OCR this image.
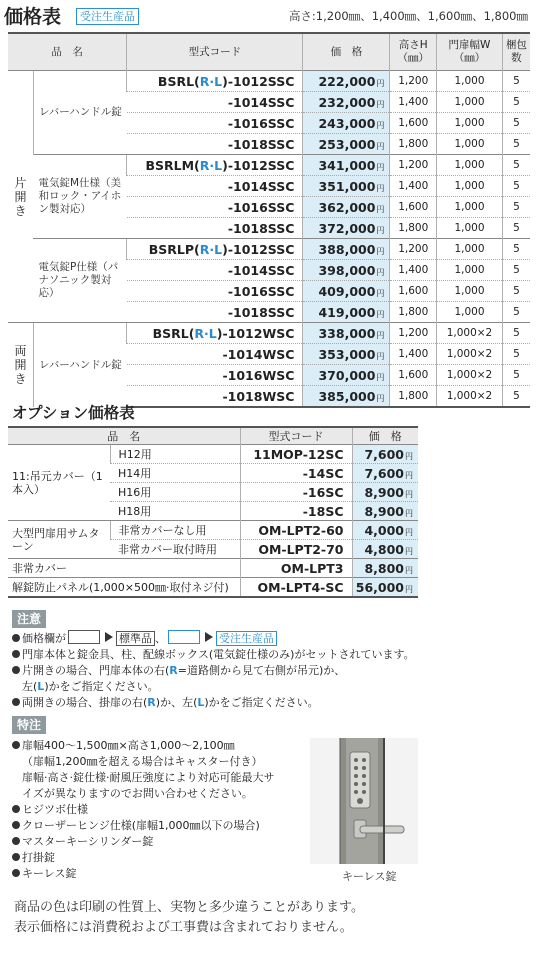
価格表	受注生産品	高さ:1,200㎜、1,400㎜、1,600㎜、1,800㎜
品　名		型式コード	価　格	高さH（㎜）	門扉幅W（㎜）	梱包数
片開き	レバーハンドル錠	BSRL(R·L)-1012SSC	222,000円	1,200	1,000	5
		-1014SSC	232,000円	1,400	1,000	5
		-1016SSC	243,000円	1,600	1,000	5
		-1018SSC	253,000円	1,800	1,000	5
	電気錠M仕様（美和ロック・アイホン製対応）	BSRLM(R·L)-1012SSC	341,000円	1,200	1,000	5
		-1014SSC	351,000円	1,400	1,000	5
		-1016SSC	362,000円	1,600	1,000	5
		-1018SSC	372,000円	1,800	1,000	5
	電気錠P仕様（パナソニック製対応）	BSRLP(R·L)-1012SSC	388,000円	1,200	1,000	5
		-1014SSC	398,000円	1,400	1,000	5
		-1016SSC	409,000円	1,600	1,000	5
		-1018SSC	419,000円	1,800	1,000	5
両開き	レバーハンドル錠	BSRL(R·L)-1012WSC	338,000円	1,200	1,000×2	5
		-1014WSC	353,000円	1,400	1,000×2	5
		-1016WSC	370,000円	1,600	1,000×2	5
		-1018WSC	385,000円	1,800	1,000×2	5
オプション価格表
品　名		型式コード	価　格	
11:吊元カバー（1本入）	H12用	11MOP-12SC	7,600円	
	H14用	-14SC	7,600円	
	H16用	-16SC	8,900円	
	H18用	-18SC	8,900円	
大型門扉用サムターン	非常カバーなし用	OM-LPT2-60	4,000円	
	非常カバー取付時用	OM-LPT2-70	4,800円	
非常カバー		OM-LPT3	8,800円	
解錠防止パネル(1,000×500㎜·取付ネジ付)		OM-LPT4-SC	56,000円	
注意
価格欄が	標準品 、	受注生産品
門扉本体と錠金具、柱、配線ボックス(電気錠仕様のみ)がセットされています。
片開きの場合、門扉本体の右(R=道路側から見て右側が吊元)か、
左(L)かをご指定ください。
両開きの場合、掛扉の右(R)か、左(L)かをご指定ください。
特注
扉幅400～1,500㎜×高さ1,000～2,100㎜
（扉幅1,200㎜を超える場合はキャスター付き）
扉幅·高さ·錠仕様·耐風圧強度により対応可能最大サ
イズが異なりますのでお問い合わせください。
ヒジツボ仕様
クローザーヒンジ仕様(扉幅1,000㎜以下の場合)
マスターキーシリンダー錠
打掛錠
キーレス錠	キーレス錠
商品の色は印刷の性質上、実物と多少違うことがあります。
表示価格には消費税および工事費は含まれておりません。
